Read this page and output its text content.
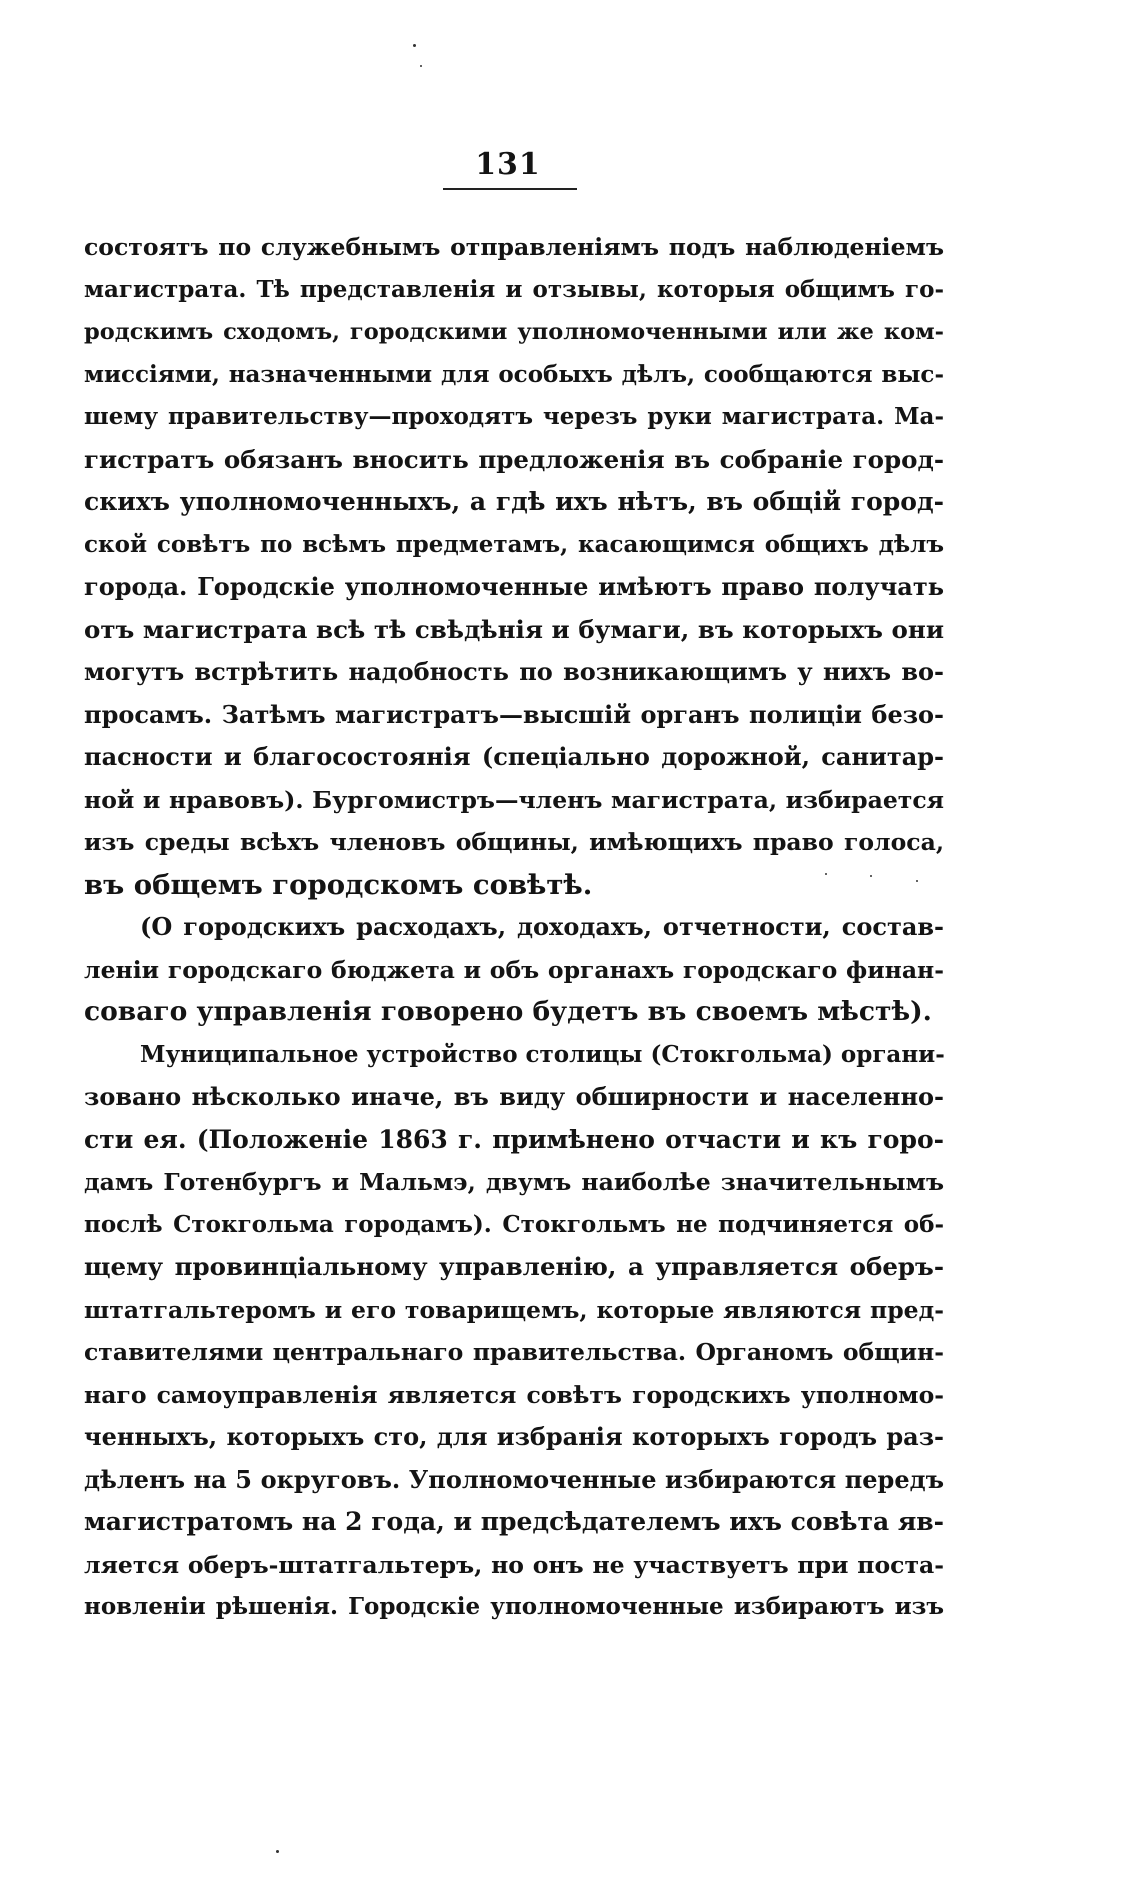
131
состоятъ по служебнымъ отправленіямъ подъ наблюденіемъ
магистрата. Тѣ представленія и отзывы, которыя общимъ го-
родскимъ сходомъ, городскими уполномоченными или же ком-
миссіями, назначенными для особыхъ дѣлъ, сообщаются выс-
шему правительству—проходятъ черезъ руки магистрата. Ма-
гистратъ обязанъ вносить предложенія въ собраніе город-
скихъ уполномоченныхъ, а гдѣ ихъ нѣтъ, въ общій город-
ской совѣтъ по всѣмъ предметамъ, касающимся общихъ дѣлъ
города. Городскіе уполномоченные имѣютъ право получать
отъ магистрата всѣ тѣ свѣдѣнія и бумаги, въ которыхъ они
могутъ встрѣтить надобность по возникающимъ у нихъ во-
просамъ. Затѣмъ магистратъ—высшій органъ полиціи безо-
пасности и благосостоянія (спеціально дорожной, санитар-
ной и нравовъ). Бургомистръ—членъ магистрата, избирается
изъ среды всѣхъ членовъ общины, имѣющихъ право голоса,
въ общемъ городскомъ совѣтѣ.
(О городскихъ расходахъ, доходахъ, отчетности, состав-
леніи городскаго бюджета и объ органахъ городскаго финан-
соваго управленія говорено будетъ въ своемъ мѣстѣ).
Муниципальное устройство столицы (Стокгольма) органи-
зовано нѣсколько иначе, въ виду обширности и населенно-
сти ея. (Положеніе 1863 г. примѣнено отчасти и къ горо-
дамъ Готенбургъ и Мальмэ, двумъ наиболѣе значительнымъ
послѣ Стокгольма городамъ). Стокгольмъ не подчиняется об-
щему провинціальному управленію, а управляется оберъ-
штатгальтеромъ и его товарищемъ, которые являются пред-
ставителями центральнаго правительства. Органомъ общин-
наго самоуправленія является совѣтъ городскихъ уполномо-
ченныхъ, которыхъ сто, для избранія которыхъ городъ раз-
дѣленъ на 5 округовъ. Уполномоченные избираются передъ
магистратомъ на 2 года, и предсѣдателемъ ихъ совѣта яв-
ляется оберъ-штатгальтеръ, но онъ не участвуетъ при поста-
новленіи рѣшенія. Городскіе уполномоченные избираютъ изъ
